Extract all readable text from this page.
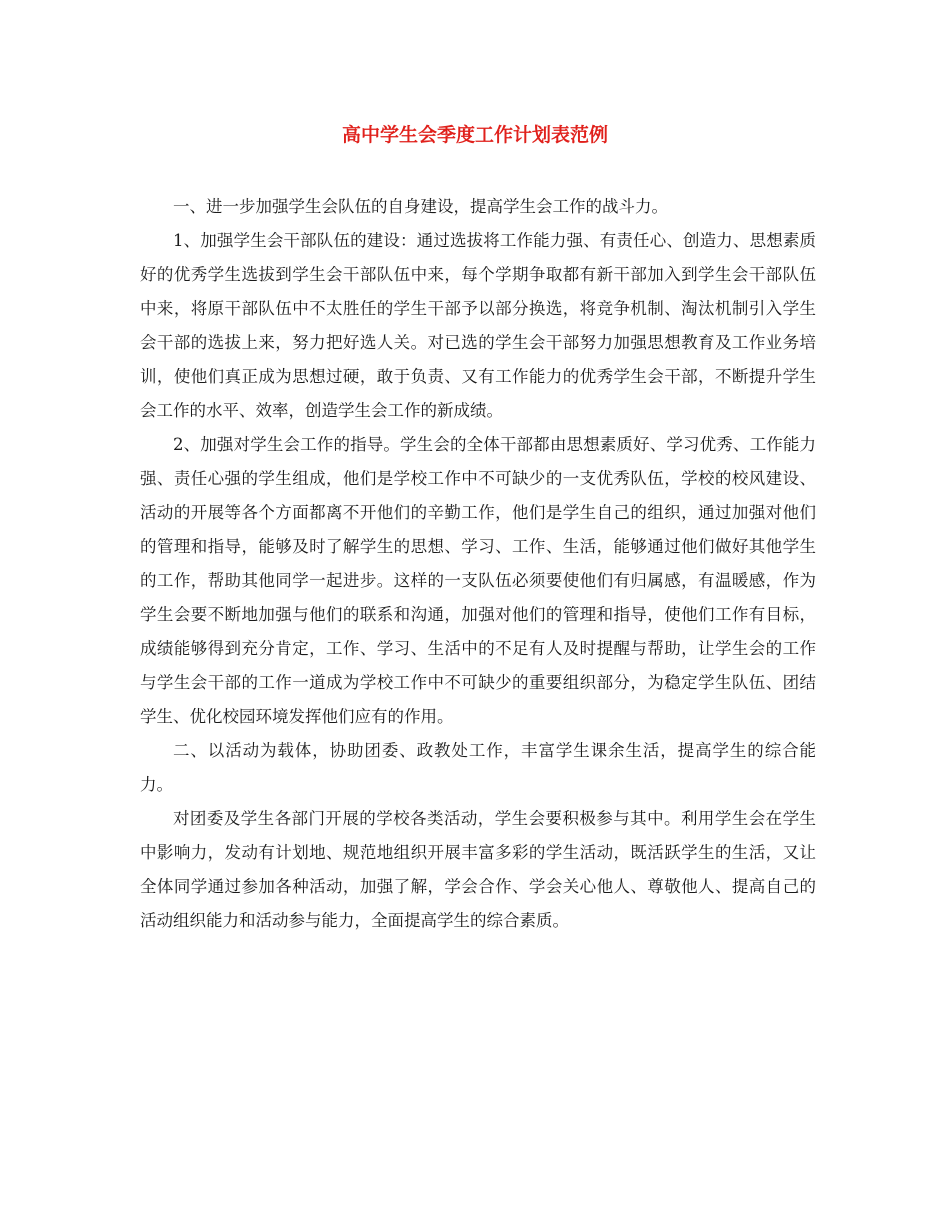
高中学生会季度工作计划表范例

一、进一步加强学生会队伍的自身建设，提高学生会工作的战斗力。

1、加强学生会干部队伍的建设：通过选拔将工作能力强、有责任心、创造力、思想素质好的优秀学生选拔到学生会干部队伍中来，每个学期争取都有新干部加入到学生会干部队伍中来，将原干部队伍中不太胜任的学生干部予以部分换选，将竞争机制、淘汰机制引入学生会干部的选拔上来，努力把好选人关。对已选的学生会干部努力加强思想教育及工作业务培训，使他们真正成为思想过硬，敢于负责、又有工作能力的优秀学生会干部，不断提升学生会工作的水平、效率，创造学生会工作的新成绩。

2、加强对学生会工作的指导。学生会的全体干部都由思想素质好、学习优秀、工作能力强、责任心强的学生组成，他们是学校工作中不可缺少的一支优秀队伍，学校的校风建设、活动的开展等各个方面都离不开他们的辛勤工作，他们是学生自己的组织，通过加强对他们的管理和指导，能够及时了解学生的思想、学习、工作、生活，能够通过他们做好其他学生的工作，帮助其他同学一起进步。这样的一支队伍必须要使他们有归属感，有温暖感，作为学生会要不断地加强与他们的联系和沟通，加强对他们的管理和指导，使他们工作有目标，成绩能够得到充分肯定，工作、学习、生活中的不足有人及时提醒与帮助，让学生会的工作与学生会干部的工作一道成为学校工作中不可缺少的重要组织部分，为稳定学生队伍、团结学生、优化校园环境发挥他们应有的作用。

二、以活动为载体，协助团委、政教处工作，丰富学生课余生活，提高学生的综合能力。

对团委及学生各部门开展的学校各类活动，学生会要积极参与其中。利用学生会在学生中影响力，发动有计划地、规范地组织开展丰富多彩的学生活动，既活跃学生的生活，又让全体同学通过参加各种活动，加强了解，学会合作、学会关心他人、尊敬他人、提高自己的活动组织能力和活动参与能力，全面提高学生的综合素质。
